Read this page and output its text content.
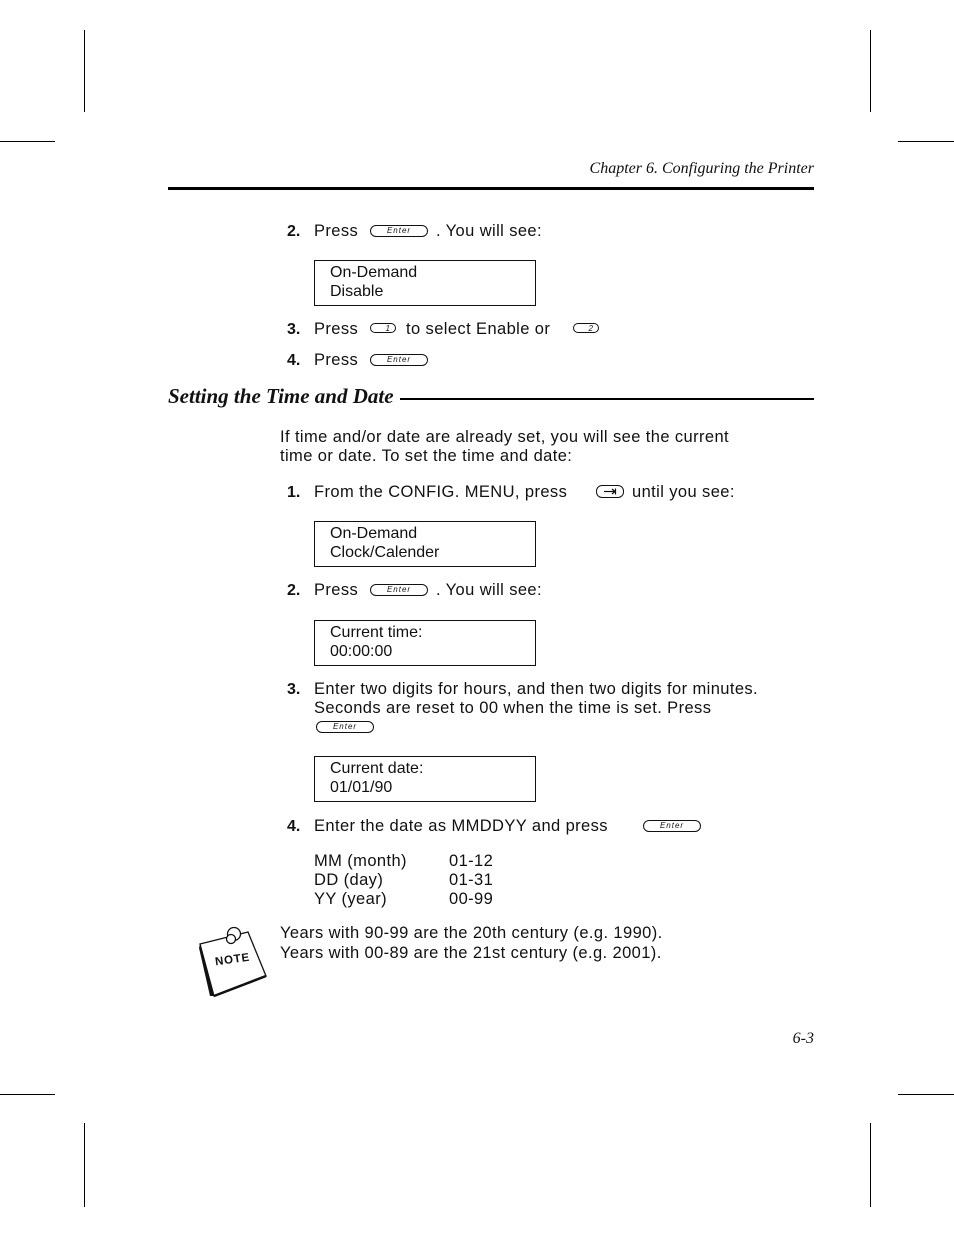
Chapter 6. Configuring the Printer
2. Press	Enter	. You will see:
On-Demand
Disable
3. Press	1 to select Enable or	2
4. Press	Enter
Setting the Time and Date
If time and/or date are already set, you will see the current
time or date. To set the time and date:
1. From the CONFIG. MENU, press	until you see:
On-Demand
Clock/Calender
2. Press	Enter	. You will see:
Current time:
00:00:00
3. Enter two digits for hours, and then two digits for minutes.
Seconds are reset to 00 when the time is set. Press
Enter
Current date:
01/01/90
4. Enter the date as MMDDYY and press	Enter
MM (month)	01-12
DD (day)	01-31
YY (year)	00-99
NOTE
Years with 90-99 are the 20th century (e.g. 1990).
Years with 00-89 are the 21st century (e.g. 2001).
6-3
